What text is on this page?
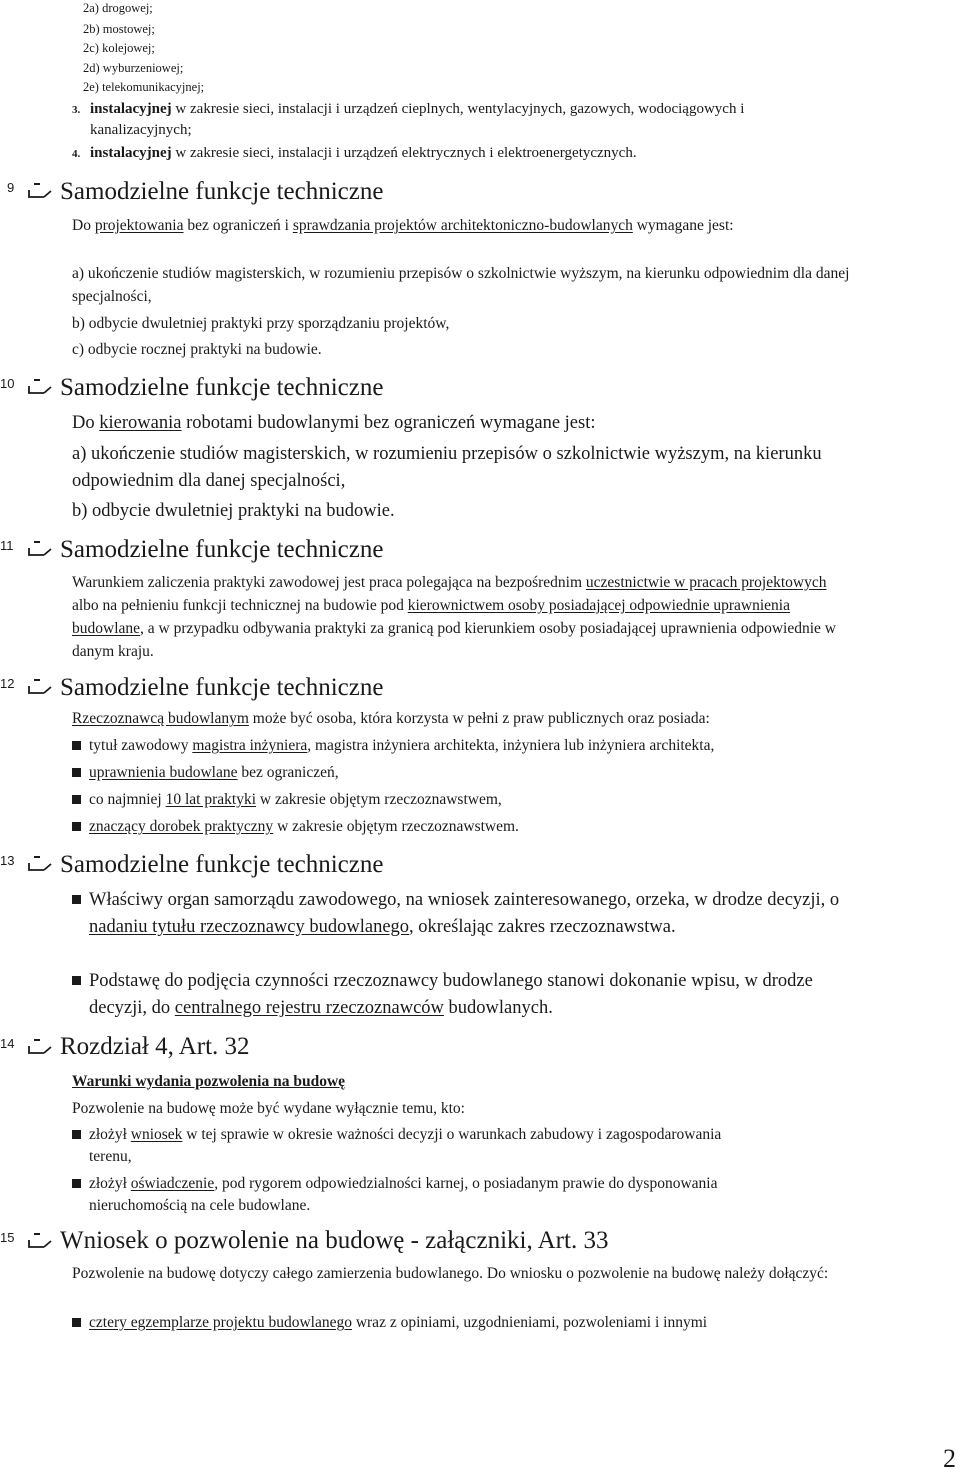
2a) drogowej;
2b) mostowej;
2c) kolejowej;
2d) wyburzeniowej;
2e) telekomunikacyjnej;
3. instalacyjnej w zakresie sieci, instalacji i urządzeń cieplnych, wentylacyjnych, gazowych, wodociągowych i kanalizacyjnych;
4. instalacyjnej w zakresie sieci, instalacji i urządzeń elektrycznych i elektroenergetycznych.
9 Samodzielne funkcje techniczne
Do projektowania bez ograniczeń i sprawdzania projektów architektoniczno-budowlanych wymagane jest:
a) ukończenie studiów magisterskich, w rozumieniu przepisów o szkolnictwie wyższym, na kierunku odpowiednim dla danej specjalności,
b) odbycie dwuletniej praktyki przy sporządzaniu projektów,
c) odbycie rocznej praktyki na budowie.
10 Samodzielne funkcje techniczne
Do kierowania robotami budowlanymi bez ograniczeń wymagane jest:
a) ukończenie studiów magisterskich, w rozumieniu przepisów o szkolnictwie wyższym, na kierunku odpowiednim dla danej specjalności,
b) odbycie dwuletniej praktyki na budowie.
11 Samodzielne funkcje techniczne
Warunkiem zaliczenia praktyki zawodowej jest praca polegająca na bezpośrednim uczestnictwie w pracach projektowych albo na pełnieniu funkcji technicznej na budowie pod kierownictwem osoby posiadającej odpowiednie uprawnienia budowlane, a w przypadku odbywania praktyki za granicą pod kierunkiem osoby posiadającej uprawnienia odpowiednie w danym kraju.
12 Samodzielne funkcje techniczne
Rzeczoznawcą budowlanym może być osoba, która korzysta w pełni z praw publicznych oraz posiada:
tytuł zawodowy magistra inżyniera, magistra inżyniera architekta, inżyniera lub inżyniera architekta,
uprawnienia budowlane bez ograniczeń,
co najmniej 10 lat praktyki w zakresie objętym rzeczoznawstwem,
znaczący dorobek praktyczny w zakresie objętym rzeczoznawstwem.
13 Samodzielne funkcje techniczne
Właściwy organ samorządu zawodowego, na wniosek zainteresowanego, orzeka, w drodze decyzji, o nadaniu tytułu rzeczoznawcy budowlanego, określając zakres rzeczoznawstwa.
Podstawę do podjęcia czynności rzeczoznawcy budowlanego stanowi dokonanie wpisu, w drodze decyzji, do centralnego rejestru rzeczoznawców budowlanych.
14 Rozdział 4, Art. 32
Warunki wydania pozwolenia na budowę
Pozwolenie na budowę może być wydane wyłącznie temu, kto:
złożył wniosek w tej sprawie w okresie ważności decyzji o warunkach zabudowy i zagospodarowania terenu,
złożył oświadczenie, pod rygorem odpowiedzialności karnej, o posiadanym prawie do dysponowania nieruchomością na cele budowlane.
15 Wniosek o pozwolenie na budowę - załączniki, Art. 33
Pozwolenie na budowę dotyczy całego zamierzenia budowlanego. Do wniosku o pozwolenie na budowę należy dołączyć:
cztery egzemplarze projektu budowlanego wraz z opiniami, uzgodnieniami, pozwoleniami i innymi
2
